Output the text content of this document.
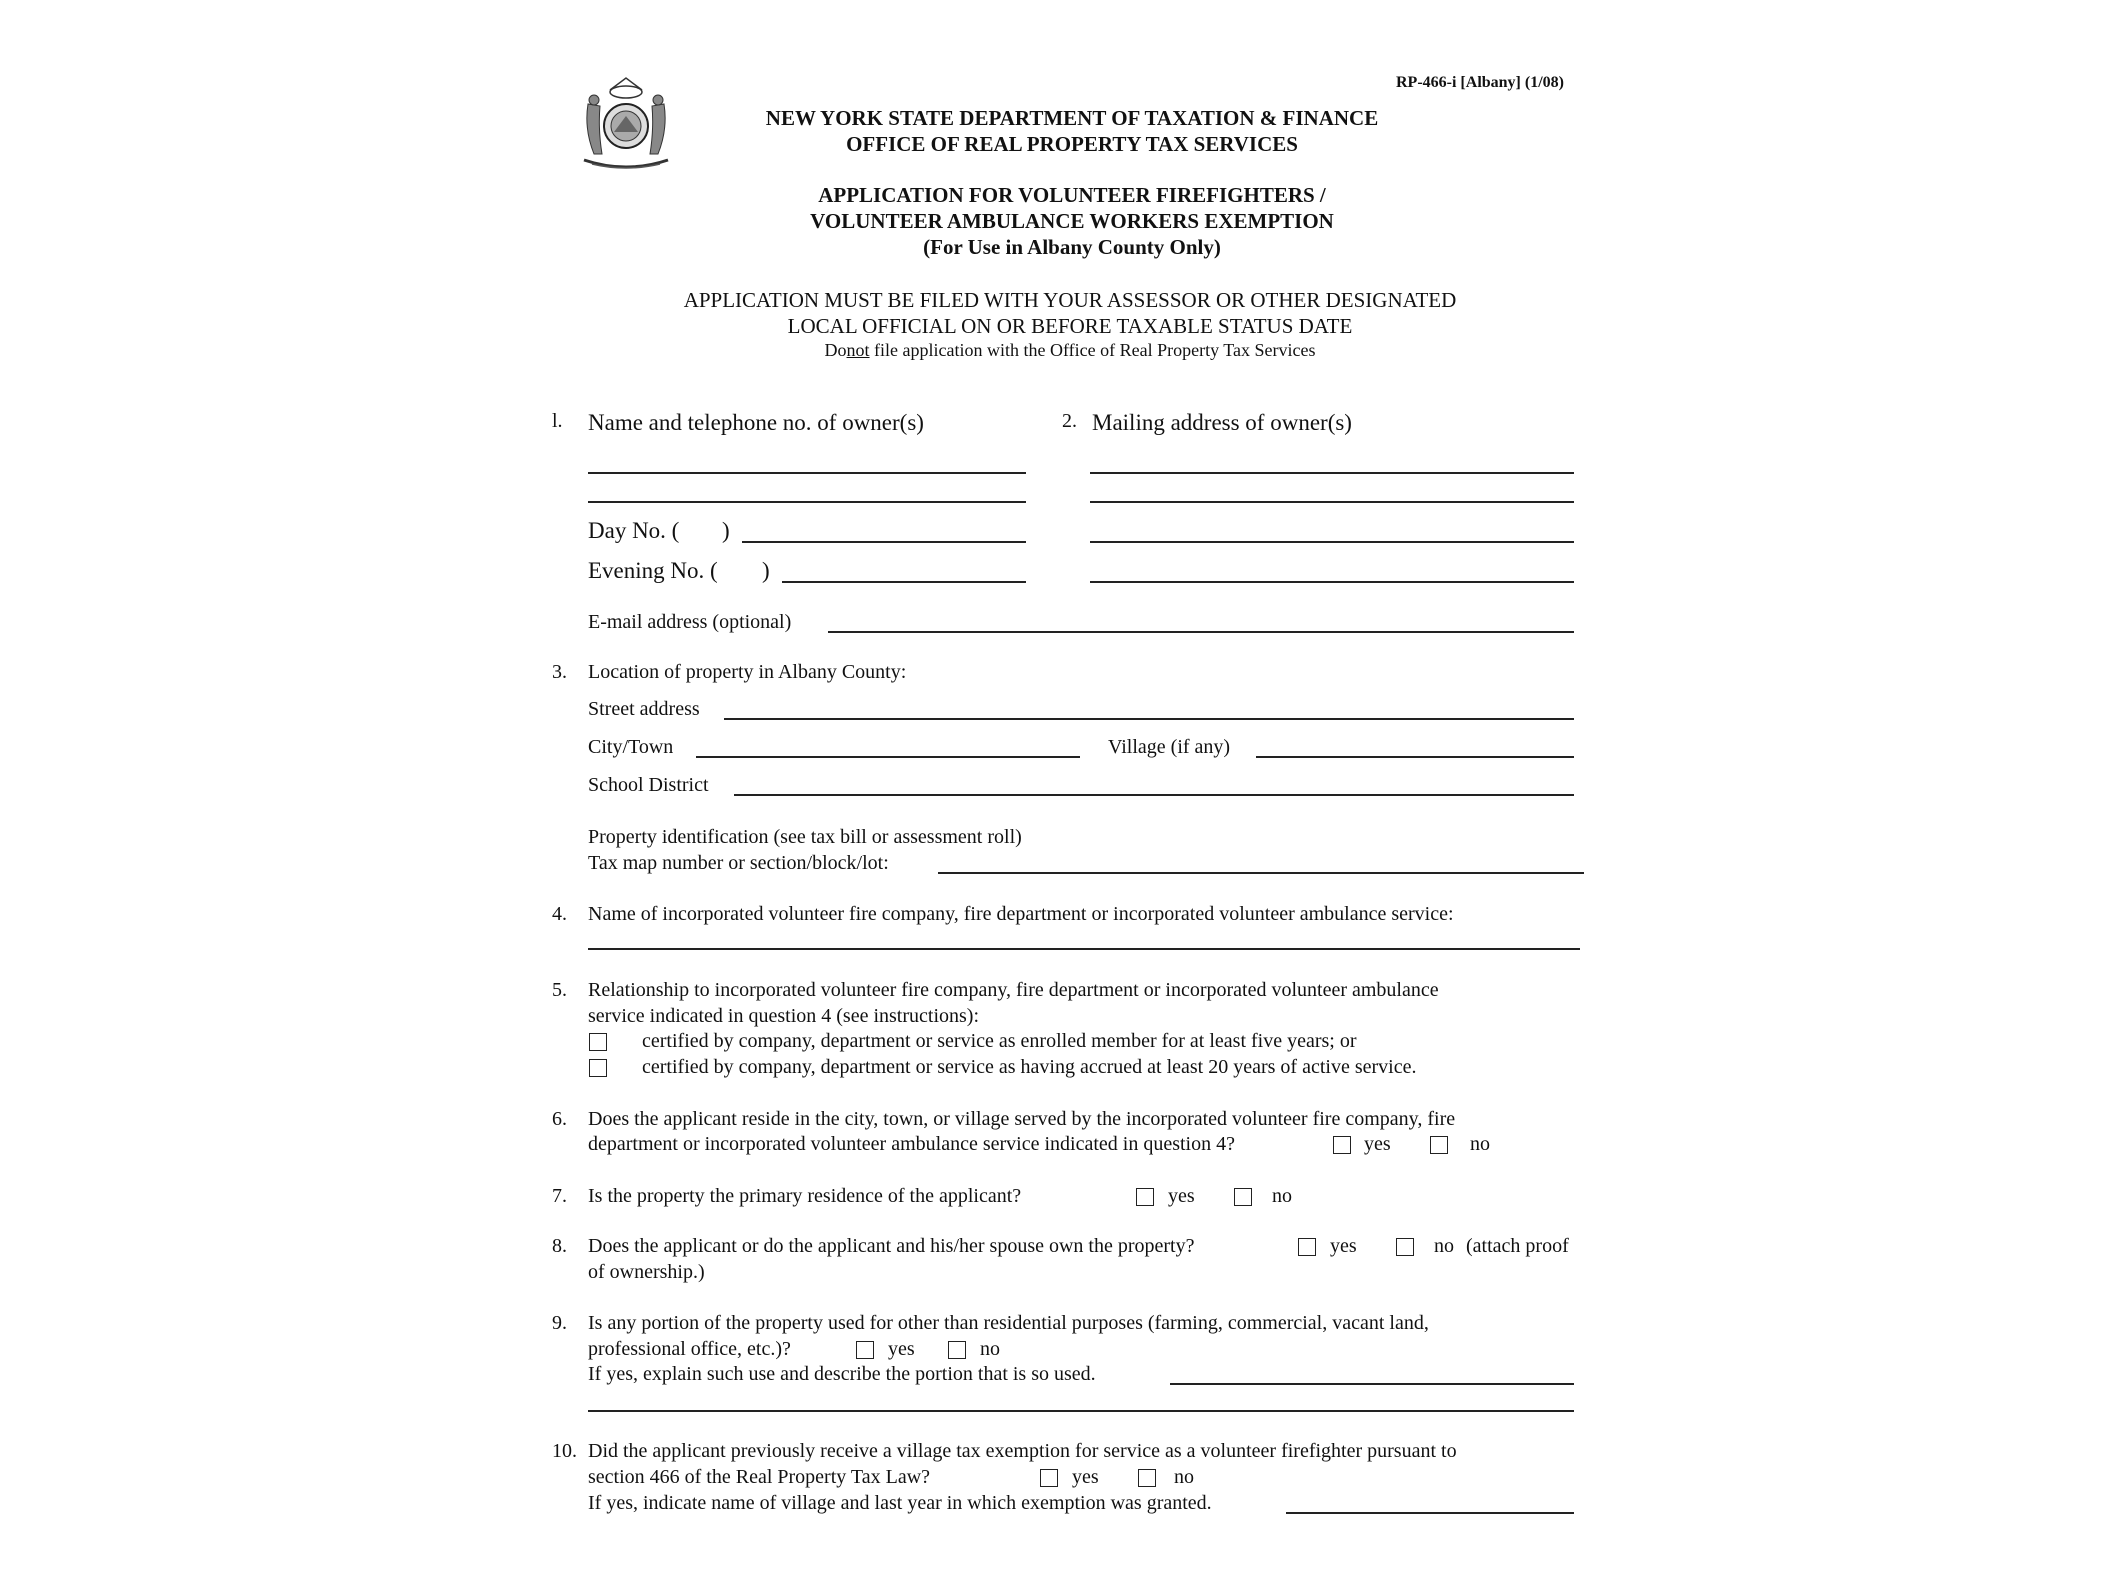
RP-466-i [Albany] (1/08)
NEW YORK STATE DEPARTMENT OF TAXATION & FINANCE
OFFICE OF REAL PROPERTY TAX SERVICES
APPLICATION FOR VOLUNTEER FIREFIGHTERS /
VOLUNTEER AMBULANCE WORKERS EXEMPTION
(For Use in Albany County Only)
APPLICATION MUST BE FILED WITH YOUR ASSESSOR OR OTHER DESIGNATED
LOCAL OFFICIAL ON OR BEFORE TAXABLE STATUS DATE
Donot file application with the Office of Real Property Tax Services
l. Name and telephone no. of owner(s)	2. Mailing address of owner(s)
Day No. ( )
Evening No. ( )
E-mail address (optional)
3. Location of property in Albany County:
Street address
City/Town	Village (if any)
School District
Property identification (see tax bill or assessment roll)
Tax map number or section/block/lot:
4. Name of incorporated volunteer fire company, fire department or incorporated volunteer ambulance service:
5. Relationship to incorporated volunteer fire company, fire department or incorporated volunteer ambulance
service indicated in question 4 (see instructions):
certified by company, department or service as enrolled member for at least five years; or
certified by company, department or service as having accrued at least 20 years of active service.
6. Does the applicant reside in the city, town, or village served by the incorporated volunteer fire company, fire
department or incorporated volunteer ambulance service indicated in question 4?	yes	no
7. Is the property the primary residence of the applicant?	yes	no
8. Does the applicant or do the applicant and his/her spouse own the property?	yes	no (attach proof
of ownership.)
9. Is any portion of the property used for other than residential purposes (farming, commercial, vacant land,
professional office, etc.)?	yes	no
If yes, explain such use and describe the portion that is so used.
10. Did the applicant previously receive a village tax exemption for service as a volunteer firefighter pursuant to
section 466 of the Real Property Tax Law?	yes	no
If yes, indicate name of village and last year in which exemption was granted.
